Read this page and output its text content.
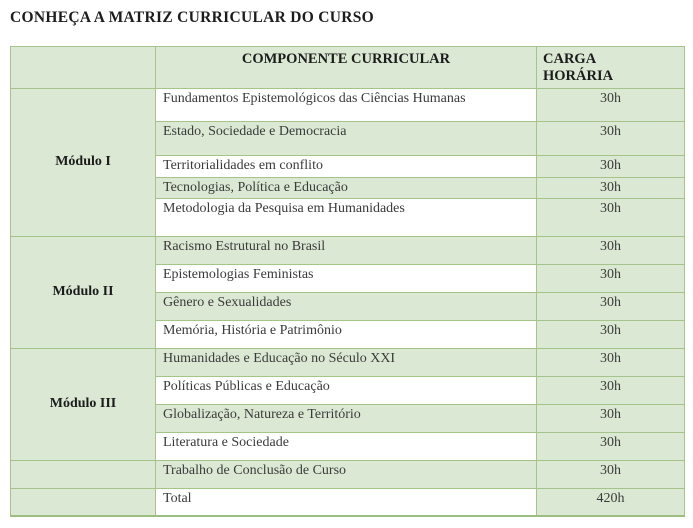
CONHEÇA A MATRIZ CURRICULAR DO CURSO
	COMPONENTE CURRICULAR	CARGA HORÁRIA

Módulo I	Fundamentos Epistemológicos das Ciências Humanas	30h
	Estado, Sociedade e Democracia	30h
	Territorialidades em conflito	30h
	Tecnologias, Política e Educação	30h
	Metodologia da Pesquisa em Humanidades	30h
Módulo II	Racismo Estrutural no Brasil	30h
	Epistemologias Feministas	30h
	Gênero e Sexualidades	30h
	Memória, História e Patrimônio	30h
Módulo III	Humanidades e Educação no Século XXI	30h
	Políticas Públicas e Educação	30h
	Globalização, Natureza e Território	30h
	Literatura e Sociedade	30h
	Trabalho de Conclusão de Curso	30h
	Total	420h
